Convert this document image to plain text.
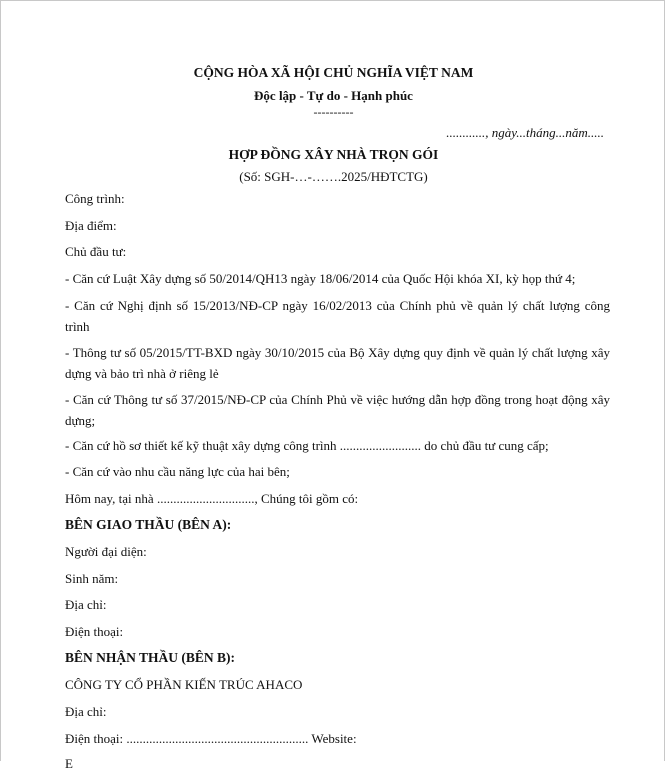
CỘNG HÒA XÃ HỘI CHỦ NGHĨA VIỆT NAM
Độc lập - Tự do - Hạnh phúc
----------
............, ngày...tháng...năm.....
HỢP ĐỒNG XÂY NHÀ TRỌN GÓI
(Số: SGH-…-…….2025/HĐTCTG)
Công trình:
Địa điểm:
Chủ đầu tư:
- Căn cứ Luật Xây dựng số 50/2014/QH13 ngày 18/06/2014 của Quốc Hội khóa XI, kỳ họp thứ 4;
- Căn cứ Nghị định số 15/2013/NĐ-CP ngày 16/02/2013 của Chính phủ về quản lý chất lượng công trình
- Thông tư số 05/2015/TT-BXD ngày 30/10/2015 của Bộ Xây dựng quy định về quản lý chất lượng xây dựng và bảo trì nhà ở riêng lẻ
- Căn cứ Thông tư số 37/2015/NĐ-CP của Chính Phủ về việc hướng dẫn hợp đồng trong hoạt động xây dựng;
- Căn cứ hồ sơ thiết kế kỹ thuật xây dựng công trình ......................... do chủ đầu tư cung cấp;
- Căn cứ vào nhu cầu năng lực của hai bên;
Hôm nay, tại nhà .............................., Chúng tôi gồm có:
BÊN GIAO THẦU (BÊN A):
Người đại diện:
Sinh năm:
Địa chỉ:
Điện thoại:
BÊN NHẬN THẦU (BÊN B):
CÔNG TY CỔ PHẦN KIẾN TRÚC AHACO
Địa chỉ:
Điện thoại: ........................................................ Website:
E
